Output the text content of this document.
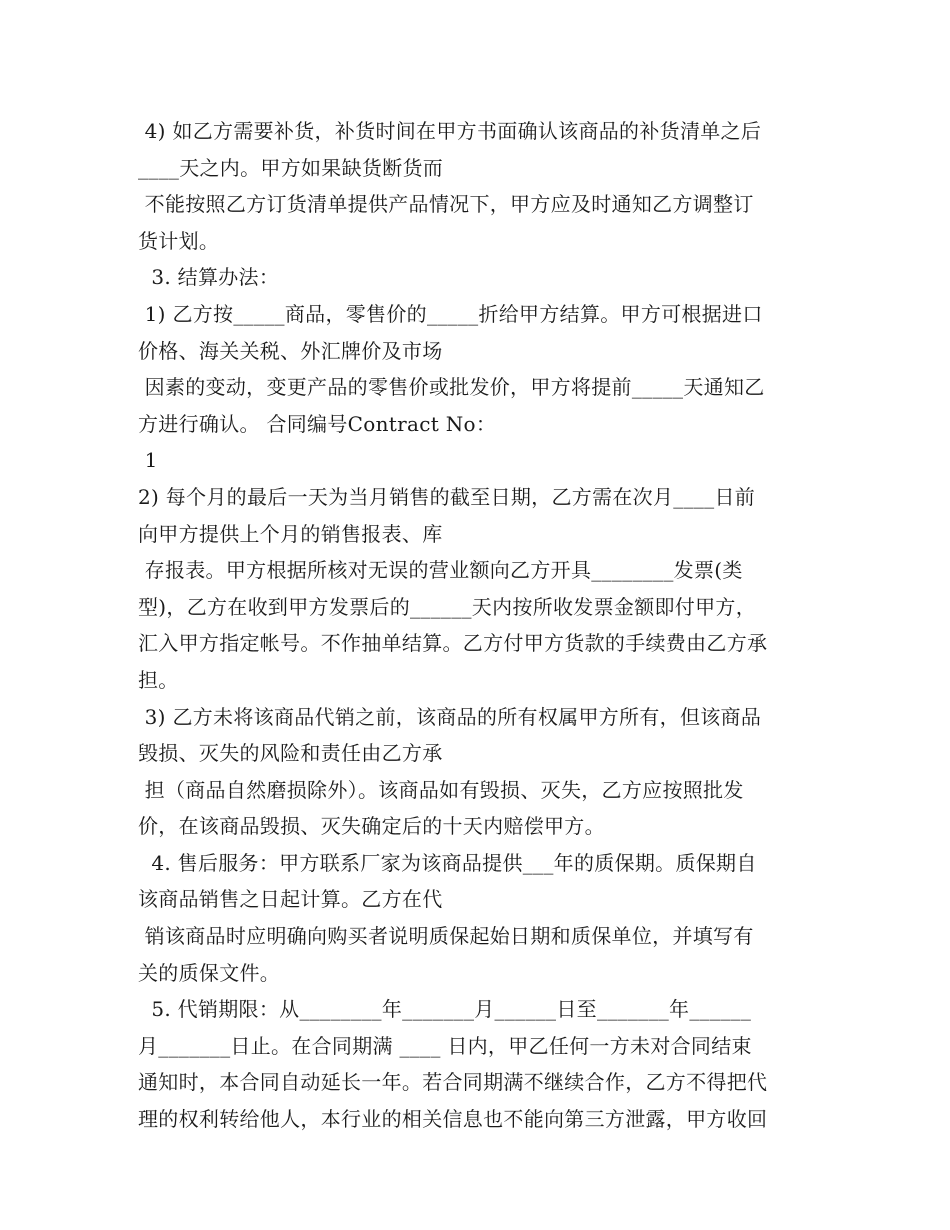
4) 如乙方需要补货，补货时间在甲方书面确认该商品的补货清单之后
____天之内。甲方如果缺货断货而
不能按照乙方订货清单提供产品情况下，甲方应及时通知乙方调整订
货计划。
3. 结算办法：
1) 乙方按_____商品，零售价的_____折给甲方结算。甲方可根据进口
价格、海关关税、外汇牌价及市场
因素的变动，变更产品的零售价或批发价，甲方将提前_____天通知乙
方进行确认。 合同编号Contract No：
1
2) 每个月的最后一天为当月销售的截至日期，乙方需在次月____日前
向甲方提供上个月的销售报表、库
存报表。甲方根据所核对无误的营业额向乙方开具________发票(类
型)，乙方在收到甲方发票后的______天内按所收发票金额即付甲方，
汇入甲方指定帐号。不作抽单结算。乙方付甲方货款的手续费由乙方承
担。
3) 乙方未将该商品代销之前，该商品的所有权属甲方所有，但该商品
毁损、灭失的风险和责任由乙方承
担（商品自然磨损除外）。该商品如有毁损、灭失，乙方应按照批发
价，在该商品毁损、灭失确定后的十天内赔偿甲方。
4. 售后服务：甲方联系厂家为该商品提供___年的质保期。质保期自
该商品销售之日起计算。乙方在代
销该商品时应明确向购买者说明质保起始日期和质保单位，并填写有
关的质保文件。
5. 代销期限：从________年_______月______日至_______年______
月_______日止。在合同期满 ____ 日内，甲乙任何一方未对合同结束
通知时，本合同自动延长一年。若合同期满不继续合作，乙方不得把代
理的权利转给他人，本行业的相关信息也不能向第三方泄露，甲方收回
